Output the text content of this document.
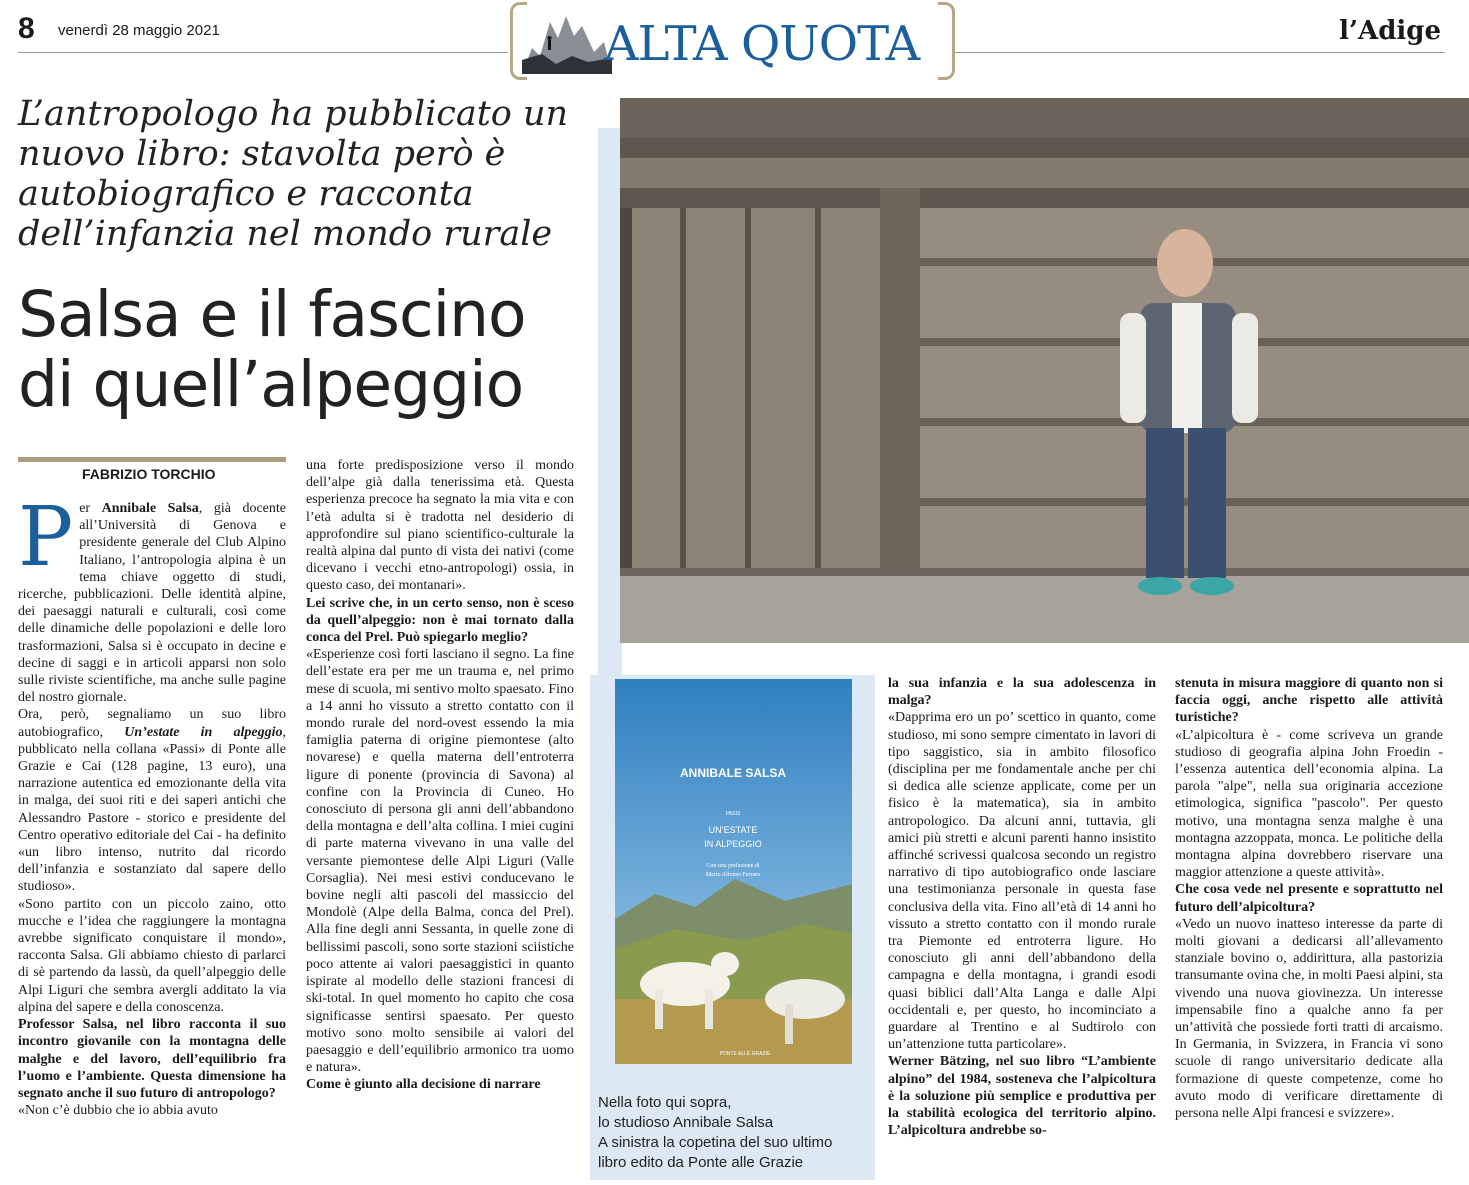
8 venerdì 28 maggio 2021	ALTA QUOTA	l’Adige
L’antropologo ha pubblicato un nuovo libro: stavolta però è autobiografico e racconta dell’infanzia nel mondo rurale
Salsa e il fascino
di quell’alpeggio
FABRIZIO TORCHIO
ANNIBALE SALSA
PASSI
UN’ESTATE
IN ALPEGGIO
Con una prefazione di
Mario Alfonso Ferraro
PONTE ALLE GRAZIE
Nella foto qui sopra,
lo studioso Annibale Salsa
A sinistra la copetina del suo ultimo
libro edito da Ponte alle Grazie

Per Annibale Salsa, già docente all’Università di Genova e presidente generale del Club Alpino Italiano, l’antropologia alpina è un tema chiave oggetto di studi, ricerche, pubblicazioni. Delle identità alpine, dei paesaggi naturali e culturali, così come delle dinamiche delle popolazioni e delle loro trasformazioni, Salsa si è occupato in decine e decine di saggi e in articoli apparsi non solo sulle riviste scientifiche, ma anche sulle pagine del nostro giornale.

Ora, però, segnaliamo un suo libro autobiografico, Un’estate in alpeggio, pubblicato nella collana «Passi» di Ponte alle Grazie e Cai (128 pagine, 13 euro), una narrazione autentica ed emozionante della vita in malga, dei suoi riti e dei saperi antichi che Alessandro Pastore - storico e presidente del Centro operativo editoriale del Cai - ha definito «un libro intenso, nutrito dal ricordo dell’infanzia e sostanziato dal sapere dello studioso».

«Sono partito con un piccolo zaino, otto mucche e l’idea che raggiungere la montagna avrebbe significato conquistare il mondo», racconta Salsa. Gli abbiamo chiesto di parlarci di sè partendo da lassù, da quell’alpeggio delle Alpi Liguri che sembra avergli additato la via alpina del sapere e della conoscenza.

Professor Salsa, nel libro racconta il suo incontro giovanile con la montagna delle malghe e del lavoro, dell’equilibrio fra l’uomo e l’ambiente. Questa dimensione ha segnato anche il suo futuro di antropologo?

«Non c’è dubbio che io abbia avuto

una forte predisposizione verso il mondo dell’alpe già dalla tenerissima età. Questa esperienza precoce ha segnato la mia vita e con l’età adulta si è tradotta nel desiderio di approfondire sul piano scientifico-culturale la realtà alpina dal punto di vista dei nativi (come dicevano i vecchi etno-antropologi) ossia, in questo caso, dei montanari».

Lei scrive che, in un certo senso, non è sceso da quell’alpeggio: non è mai tornato dalla conca del Prel. Può spiegarlo meglio?

«Esperienze così forti lasciano il segno. La fine dell’estate era per me un trauma e, nel primo mese di scuola, mi sentivo molto spaesato. Fino a 14 anni ho vissuto a stretto contatto con il mondo rurale del nord-ovest essendo la mia famiglia paterna di origine piemontese (alto novarese) e quella materna dell’entroterra ligure di ponente (provincia di Savona) al confine con la Provincia di Cuneo. Ho conosciuto di persona gli anni dell’abbandono della montagna e dell’alta collina. I miei cugini di parte materna vivevano in una valle del versante piemontese delle Alpi Liguri (Valle Corsaglia). Nei mesi estivi conducevano le bovine negli alti pascoli del massiccio del Mondolè (Alpe della Balma, conca del Prel). Alla fine degli anni Sessanta, in quelle zone di bellissimi pascoli, sono sorte stazioni sciistiche poco attente ai valori paesaggistici in quanto ispirate al modello delle stazioni francesi di ski-total. In quel momento ho capito che cosa significasse sentirsi spaesato. Per questo motivo sono molto sensibile ai valori del paesaggio e dell’equilibrio armonico tra uomo e natura».

Come è giunto alla decisione di narrare

la sua infanzia e la sua adolescenza in malga?

«Dapprima ero un po’ scettico in quanto, come studioso, mi sono sempre cimentato in lavori di tipo saggistico, sia in ambito filosofico (disciplina per me fondamentale anche per chi si dedica alle scienze applicate, come per un fisico è la matematica), sia in ambito antropologico. Da alcuni anni, tuttavia, gli amici più stretti e alcuni parenti hanno insistito affinché scrivessi qualcosa secondo un registro narrativo di tipo autobiografico onde lasciare una testimonianza personale in questa fase conclusiva della vita. Fino all’età di 14 anni ho vissuto a stretto contatto con il mondo rurale tra Piemonte ed entroterra ligure. Ho conosciuto gli anni dell’abbandono della campagna e della montagna, i grandi esodi quasi biblici dall’Alta Langa e dalle Alpi occidentali e, per questo, ho incominciato a guardare al Trentino e al Sudtirolo con un’attenzione tutta particolare».

Werner Bätzing, nel suo libro “L’ambiente alpino” del 1984, sosteneva che l’alpicoltura è la soluzione più semplice e produttiva per la stabilità ecologica del territorio alpino. L’alpicoltura andrebbe so-

stenuta in misura maggiore di quanto non si faccia oggi, anche rispetto alle attività turistiche?

«L’alpicoltura è - come scriveva un grande studioso di geografia alpina John Froedin - l’essenza autentica dell’economia alpina. La parola "alpe", nella sua originaria accezione etimologica, significa "pascolo". Per questo motivo, una montagna senza malghe è una montagna azzoppata, monca. Le politiche della montagna alpina dovrebbero riservare una maggior attenzione a queste attività».

Che cosa vede nel presente e soprattutto nel futuro dell’alpicoltura?

«Vedo un nuovo inatteso interesse da parte di molti giovani a dedicarsi all’allevamento stanziale bovino o, addirittura, alla pastorizia transumante ovina che, in molti Paesi alpini, sta vivendo una nuova giovinezza. Un interesse impensabile fino a qualche anno fa per un’attività che possiede forti tratti di arcaismo. In Germania, in Svizzera, in Francia vi sono scuole di rango universitario dedicate alla formazione di queste competenze, come ho avuto modo di verificare direttamente di persona nelle Alpi francesi e svizzere».
